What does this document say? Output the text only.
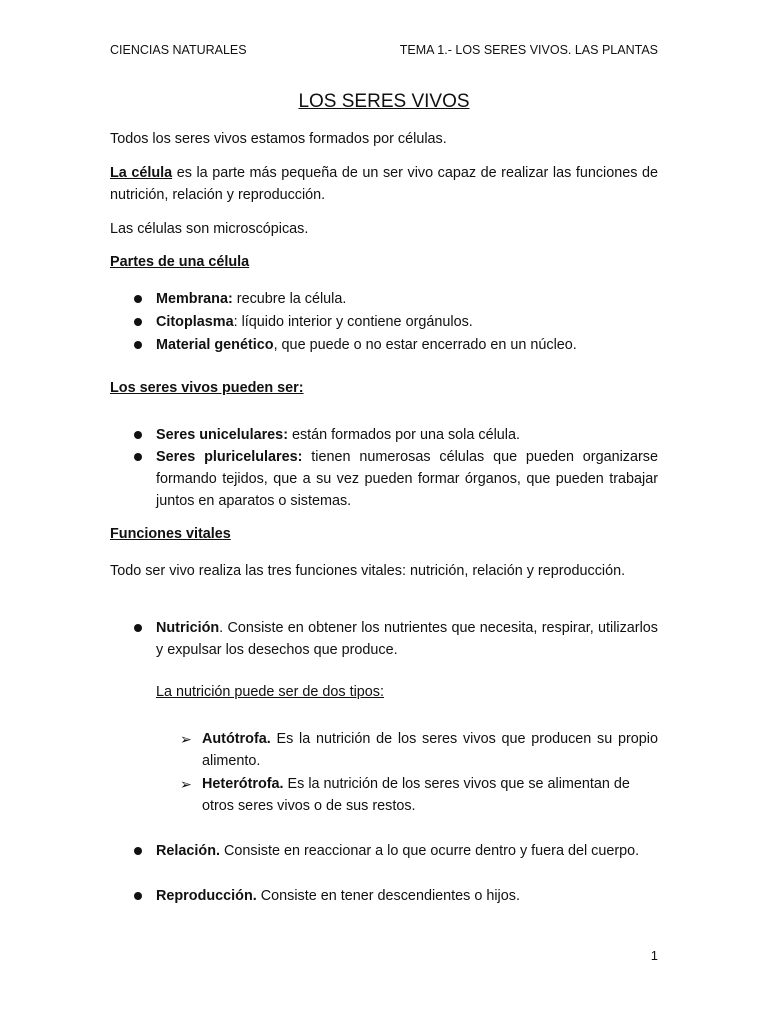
CIENCIAS NATURALES	TEMA 1.- LOS SERES VIVOS. LAS PLANTAS
LOS SERES VIVOS

Todos los seres vivos estamos formados por células.

La célula es la parte más pequeña de un ser vivo capaz de realizar las funciones de nutrición, relación y reproducción.

Las células son microscópicas.

Partes de una célula
Membrana: recubre la célula.
Citoplasma: líquido interior y contiene orgánulos.
Material genético, que puede o no estar encerrado en un núcleo.
Los seres vivos pueden ser:
Seres unicelulares: están formados por una sola célula.
Seres pluricelulares: tienen numerosas células que pueden organizarse formando tejidos, que a su vez pueden formar órganos, que pueden trabajar juntos en aparatos o sistemas.
Funciones vitales

Todo ser vivo realiza las tres funciones vitales: nutrición, relación y reproducción.

Nutrición. Consiste en obtener los nutrientes que necesita, respirar, utilizarlos y expulsar los desechos que produce.
La nutrición puede ser de dos tipos:
➢ Autótrofa. Es la nutrición de los seres vivos que producen su propio alimento.
➢ Heterótrofa. Es la nutrición de los seres vivos que se alimentan de otros seres vivos o de sus restos.
Relación. Consiste en reaccionar a lo que ocurre dentro y fuera del cuerpo.
Reproducción. Consiste en tener descendientes o hijos.
1
